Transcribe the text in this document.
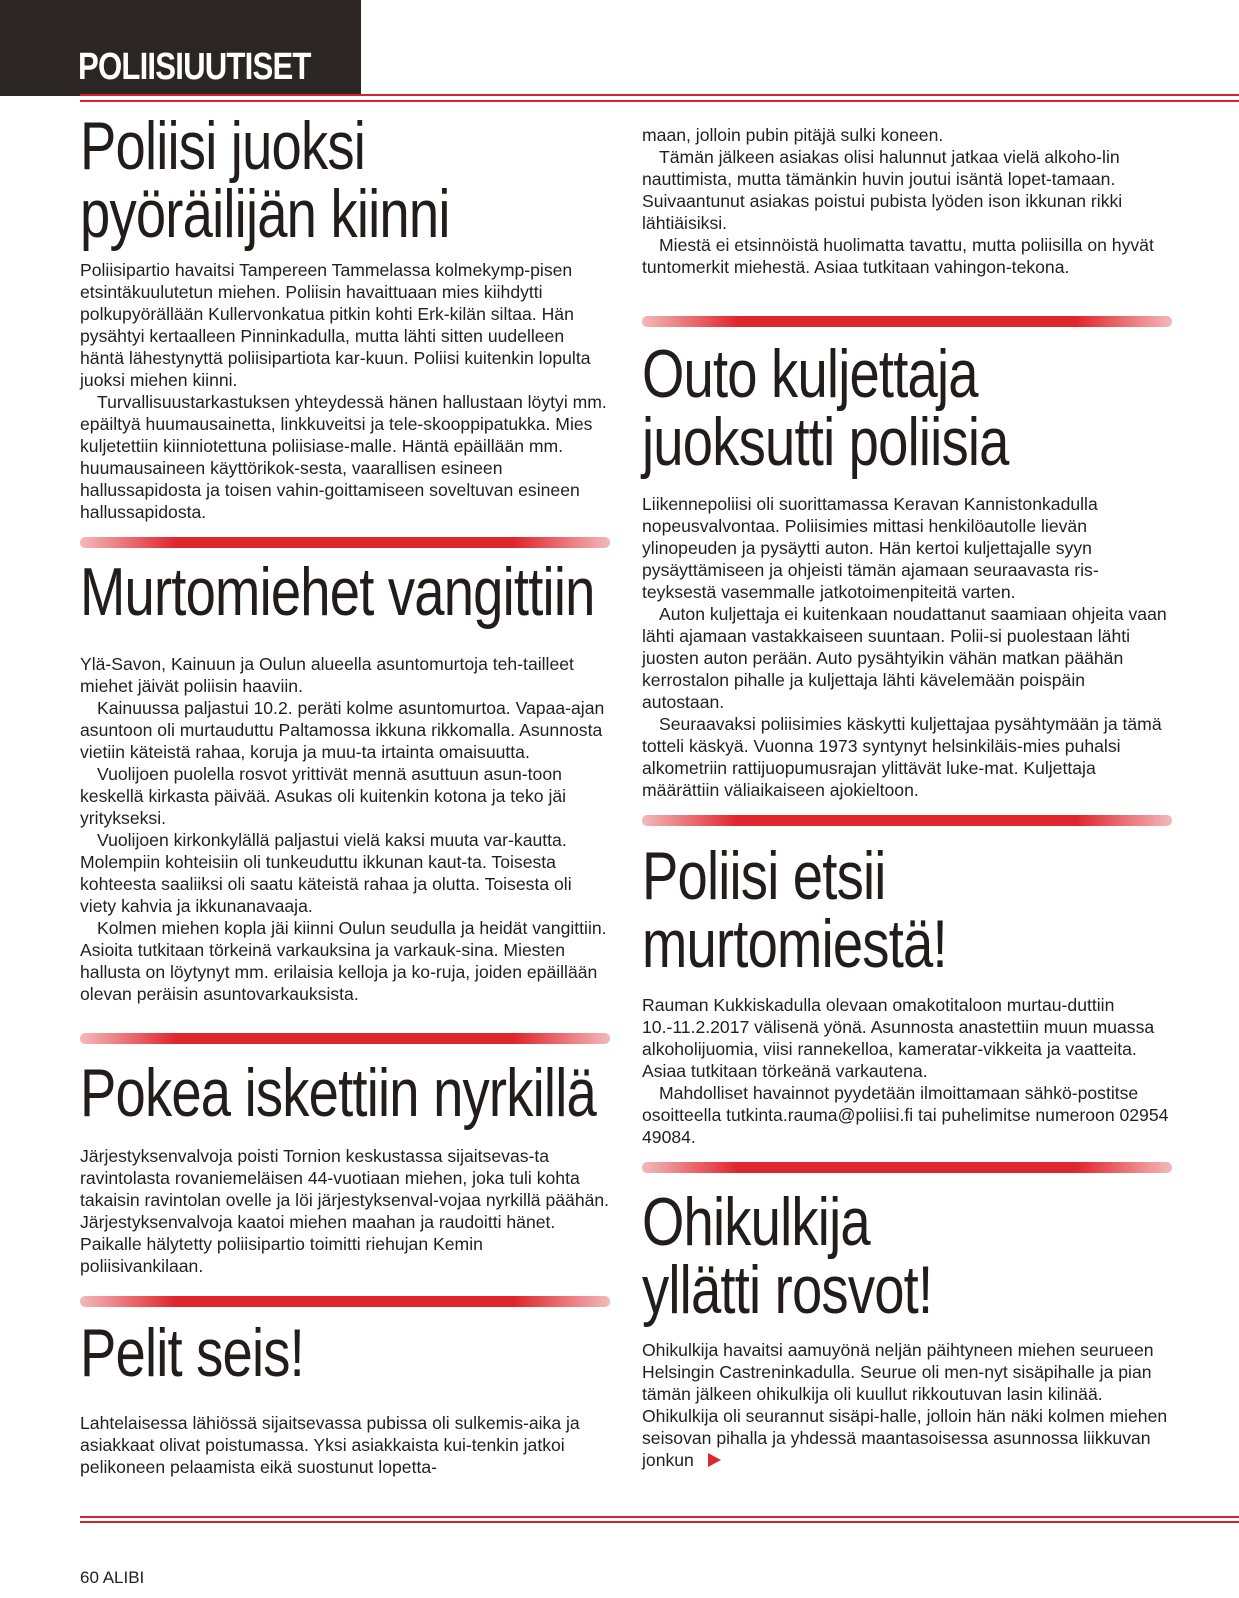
POLIISIUUTISET
Poliisi juoksi
pyöräilijän kiinni

Poliisipartio havaitsi Tampereen Tammelassa kolmekymp-pisen etsintäkuulutetun miehen. Poliisin havaittuaan mies kiihdytti polkupyörällään Kullervonkatua pitkin kohti Erk-kilän siltaa. Hän pysähtyi kertaalleen Pinninkadulla, mutta lähti sitten uudelleen häntä lähestynyttä poliisipartiota kar-kuun. Poliisi kuitenkin lopulta juoksi miehen kiinni.

Turvallisuustarkastuksen yhteydessä hänen hallustaan löytyi mm. epäiltyä huumausainetta, linkkuveitsi ja tele-skooppipatukka. Mies kuljetettiin kiinniotettuna poliisiase-malle. Häntä epäillään mm. huumausaineen käyttörikok-sesta, vaarallisen esineen hallussapidosta ja toisen vahin-goittamiseen soveltuvan esineen hallussapidosta.

Murtomiehet vangittiin

Ylä-Savon, Kainuun ja Oulun alueella asuntomurtoja teh-tailleet miehet jäivät poliisin haaviin.

Kainuussa paljastui 10.2. peräti kolme asuntomurtoa. Vapaa-ajan asuntoon oli murtauduttu Paltamossa ikkuna rikkomalla. Asunnosta vietiin käteistä rahaa, koruja ja muu-ta irtainta omaisuutta.

Vuolijoen puolella rosvot yrittivät mennä asuttuun asun-toon keskellä kirkasta päivää. Asukas oli kuitenkin kotona ja teko jäi yritykseksi.

Vuolijoen kirkonkylällä paljastui vielä kaksi muuta var-kautta. Molempiin kohteisiin oli tunkeuduttu ikkunan kaut-ta. Toisesta kohteesta saaliiksi oli saatu käteistä rahaa ja olutta. Toisesta oli viety kahvia ja ikkunanavaaja.

Kolmen miehen kopla jäi kiinni Oulun seudulla ja heidät vangittiin. Asioita tutkitaan törkeinä varkauksina ja varkauk-sina. Miesten hallusta on löytynyt mm. erilaisia kelloja ja ko-ruja, joiden epäillään olevan peräisin asuntovarkauksista.

Pokea iskettiin nyrkillä

Järjestyksenvalvoja poisti Tornion keskustassa sijaitsevas-ta ravintolasta rovaniemeläisen 44-vuotiaan miehen, joka tuli kohta takaisin ravintolan ovelle ja löi järjestyksenval-vojaa nyrkillä päähän. Järjestyksenvalvoja kaatoi miehen maahan ja raudoitti hänet. Paikalle hälytetty poliisipartio toimitti riehujan Kemin poliisivankilaan.

Pelit seis!

Lahtelaisessa lähiössä sijaitsevassa pubissa oli sulkemis-aika ja asiakkaat olivat poistumassa. Yksi asiakkaista kui-tenkin jatkoi pelikoneen pelaamista eikä suostunut lopetta-

maan, jolloin pubin pitäjä sulki koneen.

Tämän jälkeen asiakas olisi halunnut jatkaa vielä alkoho-lin nauttimista, mutta tämänkin huvin joutui isäntä lopet-tamaan. Suivaantunut asiakas poistui pubista lyöden ison ikkunan rikki lähtiäisiksi.

Miestä ei etsinnöistä huolimatta tavattu, mutta poliisilla on hyvät tuntomerkit miehestä. Asiaa tutkitaan vahingon-tekona.

Outo kuljettaja
juoksutti poliisia

Liikennepoliisi oli suorittamassa Keravan Kannistonkadulla nopeusvalvontaa. Poliisimies mittasi henkilöautolle lievän ylinopeuden ja pysäytti auton. Hän kertoi kuljettajalle syyn pysäyttämiseen ja ohjeisti tämän ajamaan seuraavasta ris-teyksestä vasemmalle jatkotoimenpiteitä varten.

Auton kuljettaja ei kuitenkaan noudattanut saamiaan ohjeita vaan lähti ajamaan vastakkaiseen suuntaan. Polii-si puolestaan lähti juosten auton perään. Auto pysähtyikin vähän matkan päähän kerrostalon pihalle ja kuljettaja lähti kävelemään poispäin autostaan.

Seuraavaksi poliisimies käskytti kuljettajaa pysähtymään ja tämä totteli käskyä. Vuonna 1973 syntynyt helsinkiläis-mies puhalsi alkometriin rattijuopumusrajan ylittävät luke-mat. Kuljettaja määrättiin väliaikaiseen ajokieltoon.

Poliisi etsii
murtomiestä!

Rauman Kukkiskadulla olevaan omakotitaloon murtau-duttiin 10.-11.2.2017 välisenä yönä. Asunnosta anastettiin muun muassa alkoholijuomia, viisi rannekelloa, kameratar-vikkeita ja vaatteita. Asiaa tutkitaan törkeänä varkautena.

Mahdolliset havainnot pyydetään ilmoittamaan sähkö-postitse osoitteella tutkinta.rauma@poliisi.fi tai puhelimitse numeroon 02954 49084.

Ohikulkija
yllätti rosvot!

Ohikulkija havaitsi aamuyönä neljän päihtyneen miehen seurueen Helsingin Castreninkadulla. Seurue oli men-nyt sisäpihalle ja pian tämän jälkeen ohikulkija oli kuullut rikkoutuvan lasin kilinää. Ohikulkija oli seurannut sisäpi-halle, jolloin hän näki kolmen miehen seisovan pihalla ja yhdessä maantasoisessa asunnossa liikkuvan jonkun

60 ALIBI
